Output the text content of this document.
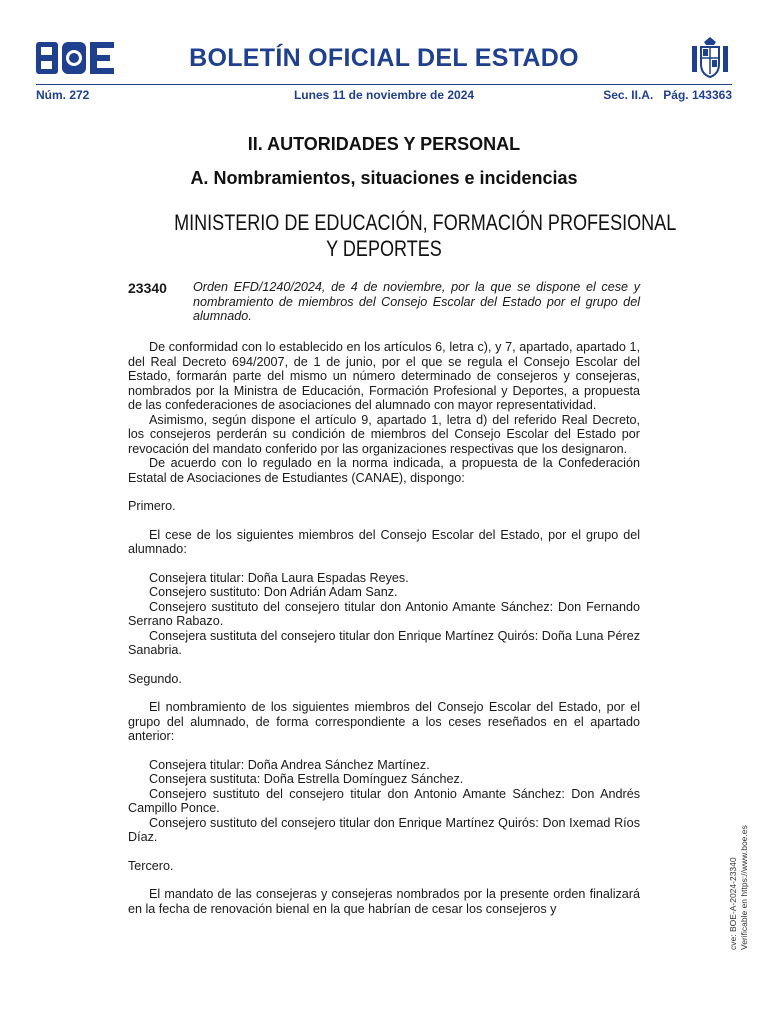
BOLETÍN OFICIAL DEL ESTADO
Núm. 272	Lunes 11 de noviembre de 2024	Sec. II.A.   Pág. 143363
II. AUTORIDADES Y PERSONAL
A. Nombramientos, situaciones e incidencias
MINISTERIO DE EDUCACIÓN, FORMACIÓN PROFESIONAL
Y DEPORTES
23340 Orden EFD/1240/2024, de 4 de noviembre, por la que se dispone el cese y nombramiento de miembros del Consejo Escolar del Estado por el grupo del alumnado.

De conformidad con lo establecido en los artículos 6, letra c), y 7, apartado, apartado 1, del Real Decreto 694/2007, de 1 de junio, por el que se regula el Consejo Escolar del Estado, formarán parte del mismo un número determinado de consejeros y consejeras, nombrados por la Ministra de Educación, Formación Profesional y Deportes, a propuesta de las confederaciones de asociaciones del alumnado con mayor representatividad.

Asimismo, según dispone el artículo 9, apartado 1, letra d) del referido Real Decreto, los consejeros perderán su condición de miembros del Consejo Escolar del Estado por revocación del mandato conferido por las organizaciones respectivas que los designaron.

De acuerdo con lo regulado en la norma indicada, a propuesta de la Confederación Estatal de Asociaciones de Estudiantes (CANAE), dispongo:

Primero.

El cese de los siguientes miembros del Consejo Escolar del Estado, por el grupo del alumnado:

Consejera titular: Doña Laura Espadas Reyes.

Consejero sustituto: Don Adrián Adam Sanz.

Consejero sustituto del consejero titular don Antonio Amante Sánchez: Don Fernando Serrano Rabazo.

Consejera sustituta del consejero titular don Enrique Martínez Quirós: Doña Luna Pérez Sanabria.

Segundo.

El nombramiento de los siguientes miembros del Consejo Escolar del Estado, por el grupo del alumnado, de forma correspondiente a los ceses reseñados en el apartado anterior:

Consejera titular: Doña Andrea Sánchez Martínez.

Consejera sustituta: Doña Estrella Domínguez Sánchez.

Consejero sustituto del consejero titular don Antonio Amante Sánchez: Don Andrés Campillo Ponce.

Consejero sustituto del consejero titular don Enrique Martínez Quirós: Don Ixemad Ríos Díaz.

Tercero.

El mandato de las consejeras y consejeras nombrados por la presente orden finalizará en la fecha de renovación bienal en la que habrían de cesar los consejeros y	cve: BOE-A-2024-23340 Verificable en https://www.boe.es
